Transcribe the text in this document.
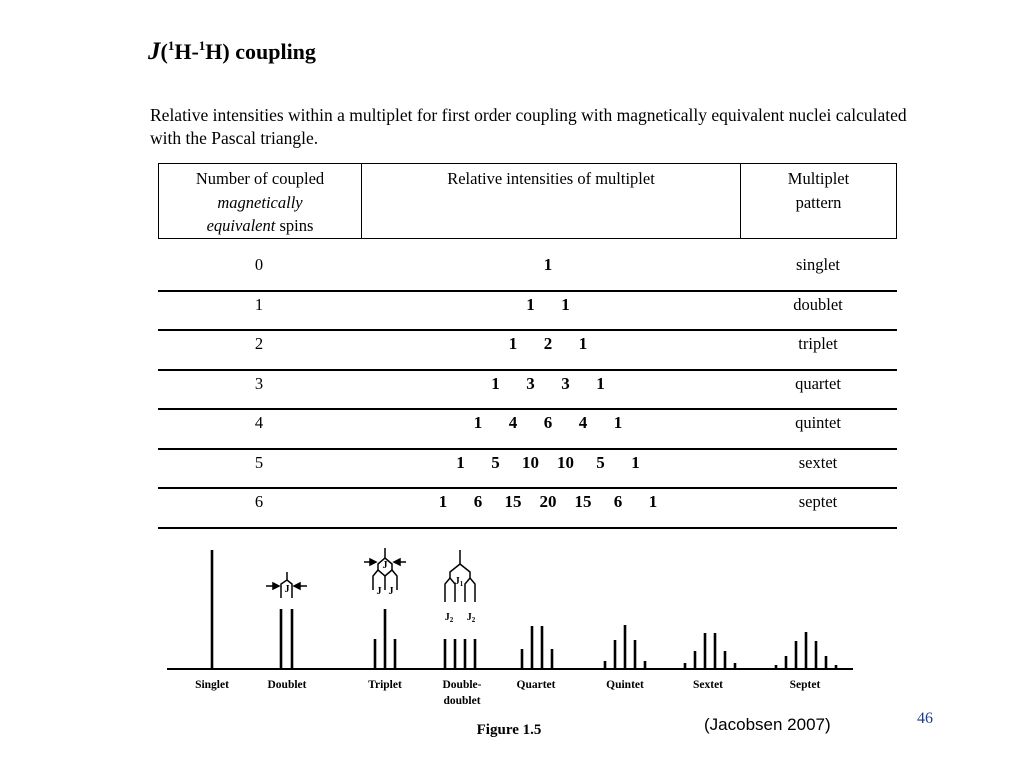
J($^1$H-$^1$H) coupling
Relative intensities within a multiplet for first order coupling with magnetically equivalent nuclei calculated with the Pascal triangle.
Number of coupled
magnetically
equivalent spins	Relative intensities of multiplet	Multiplet
pattern
0	1	singlet
1	1	1	doublet
2	1	2	1	triplet
3	1	3	3	1	quartet
4	1	4	6	4	1	quintet
5	1	5	10	10	5	1	sextet
6	1	6	15	20	15	6	1	septet
J
J
J J
$J_1$
$J_2$ $J_2$
Singlet	Doublet	Triplet	Double-
doublet
Quartet	Quintet	Sextet	Septet
Figure 1.5	(Jacobsen 2007)	46
